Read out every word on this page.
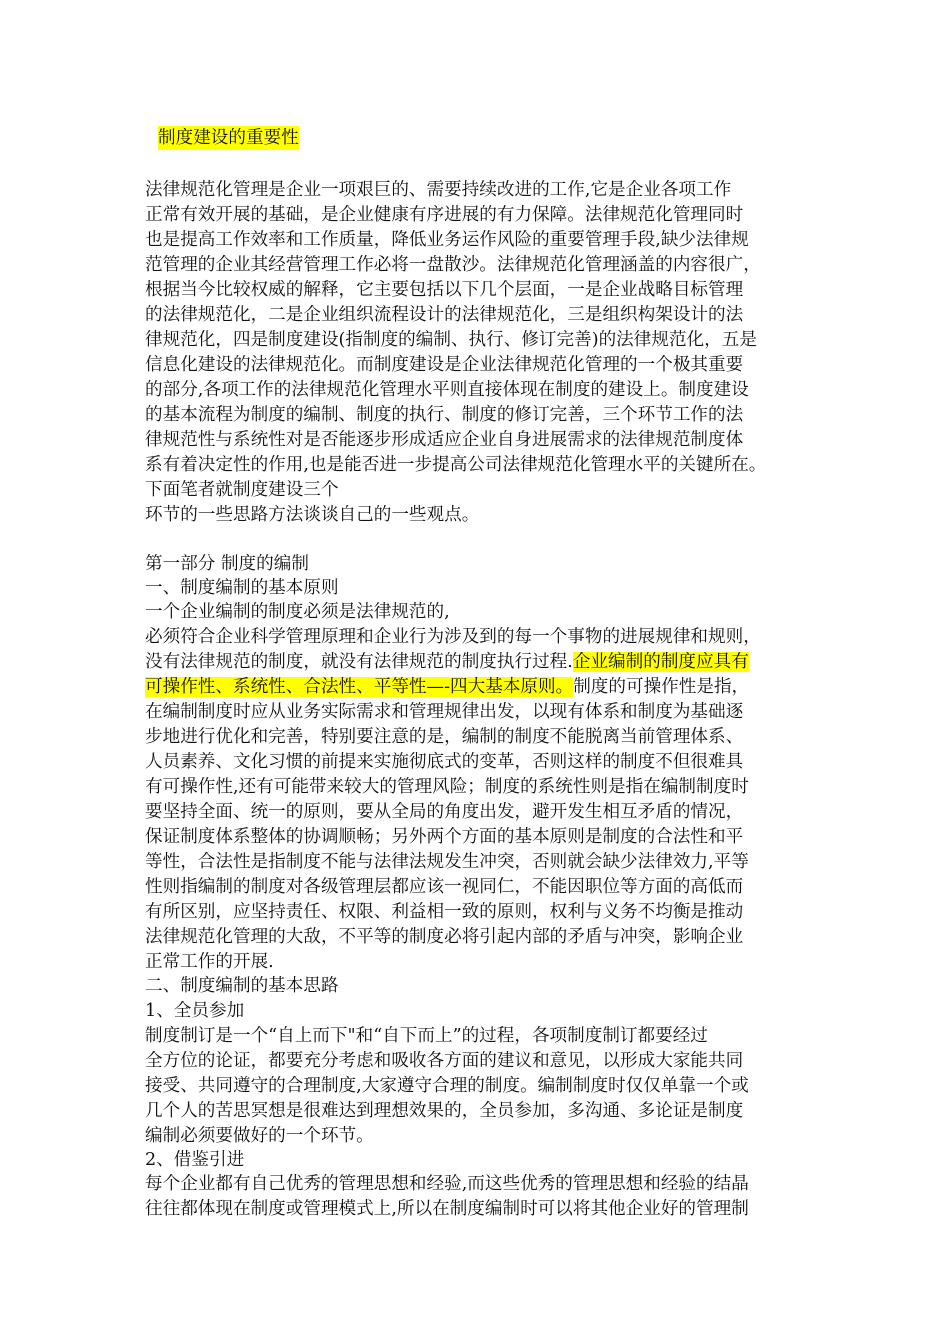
制度建设的重要性
法律规范化管理是企业一项艰巨的、需要持续改进的工作,它是企业各项工作
正常有效开展的基础，是企业健康有序进展的有力保障。法律规范化管理同时
也是提高工作效率和工作质量，降低业务运作风险的重要管理手段,缺少法律规
范管理的企业其经营管理工作必将一盘散沙。法律规范化管理涵盖的内容很广，
根据当今比较权威的解释，它主要包括以下几个层面，一是企业战略目标管理
的法律规范化，二是企业组织流程设计的法律规范化，三是组织构架设计的法
律规范化，四是制度建设(指制度的编制、执行、修订完善)的法律规范化，五是
信息化建设的法律规范化。而制度建设是企业法律规范化管理的一个极其重要
的部分,各项工作的法律规范化管理水平则直接体现在制度的建设上。制度建设
的基本流程为制度的编制、制度的执行、制度的修订完善，三个环节工作的法
律规范性与系统性对是否能逐步形成适应企业自身进展需求的法律规范制度体
系有着决定性的作用,也是能否进一步提高公司法律规范化管理水平的关键所在。
下面笔者就制度建设三个
环节的一些思路方法谈谈自己的一些观点。
第一部分 制度的编制
一、制度编制的基本原则
一个企业编制的制度必须是法律规范的,
必须符合企业科学管理原理和企业行为涉及到的每一个事物的进展规律和规则，
没有法律规范的制度，就没有法律规范的制度执行过程.企业编制的制度应具有
可操作性、系统性、合法性、平等性—-四大基本原则。制度的可操作性是指，
在编制制度时应从业务实际需求和管理规律出发，以现有体系和制度为基础逐
步地进行优化和完善，特别要注意的是，编制的制度不能脱离当前管理体系、
人员素养、文化习惯的前提来实施彻底式的变革，否则这样的制度不但很难具
有可操作性,还有可能带来较大的管理风险；制度的系统性则是指在编制制度时
要坚持全面、统一的原则，要从全局的角度出发，避开发生相互矛盾的情况，
保证制度体系整体的协调顺畅；另外两个方面的基本原则是制度的合法性和平
等性，合法性是指制度不能与法律法规发生冲突，否则就会缺少法律效力,平等
性则指编制的制度对各级管理层都应该一视同仁，不能因职位等方面的高低而
有所区别，应坚持责任、权限、利益相一致的原则，权利与义务不均衡是推动
法律规范化管理的大敌，不平等的制度必将引起内部的矛盾与冲突，影响企业
正常工作的开展.
二、制度编制的基本思路
1、全员参加
制度制订是一个“自上而下"和“自下而上”的过程，各项制度制订都要经过
全方位的论证，都要充分考虑和吸收各方面的建议和意见，以形成大家能共同
接受、共同遵守的合理制度,大家遵守合理的制度。编制制度时仅仅单靠一个或
几个人的苦思冥想是很难达到理想效果的，全员参加，多沟通、多论证是制度
编制必须要做好的一个环节。
2、借鉴引进
每个企业都有自己优秀的管理思想和经验,而这些优秀的管理思想和经验的结晶
往往都体现在制度或管理模式上,所以在制度编制时可以将其他企业好的管理制
